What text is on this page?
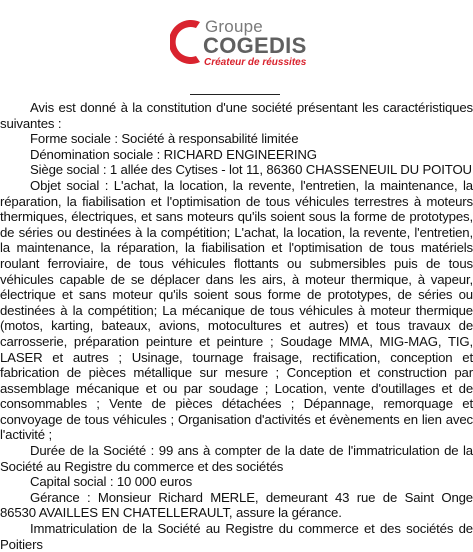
Groupe
COGEDIS
Créateur de réussites

Avis est donné à la constitution d'une société présentant les caractéristiques suivantes :

Forme sociale : Société à responsabilité limitée

Dénomination sociale : RICHARD ENGINEERING

Siège social : 1 allée des Cytises - lot 11, 86360 CHASSENEUIL DU POITOU

Objet social : L'achat, la location, la revente, l'entretien, la maintenance, la réparation, la fiabilisation et l'optimisation de tous véhicules terrestres à moteurs thermiques, électriques, et sans moteurs qu'ils soient sous la forme de prototypes, de séries ou destinées à la compétition; L'achat, la location, la revente, l'entretien, la maintenance, la réparation, la fiabilisation et l'optimisation de tous matériels roulant ferroviaire, de tous véhicules flottants ou submersibles puis de tous véhicules capable de se déplacer dans les airs, à moteur thermique, à vapeur, électrique et sans moteur qu'ils soient sous forme de prototypes, de séries ou destinées à la compétition; La mécanique de tous véhicules à moteur thermique (motos, karting, bateaux, avions, motocultures et autres) et tous travaux de carrosserie, préparation peinture et peinture ; Soudage MMA, MIG-MAG, TIG, LASER et autres ; Usinage, tournage fraisage, rectification, conception et fabrication de pièces métallique sur mesure ; Conception et construction par assemblage mécanique et ou par soudage ; Location, vente d'outillages et de consommables ; Vente de pièces détachées ; Dépannage, remorquage et convoyage de tous véhicules ; Organisation d'activités et évènements en lien avec l'activité ;

Durée de la Société : 99 ans à compter de la date de l'immatriculation de la Société au Registre du commerce et des sociétés

Capital social : 10 000 euros

Gérance : Monsieur Richard MERLE, demeurant 43 rue de Saint Onge 86530 AVAILLES EN CHATELLERAULT, assure la gérance.

Immatriculation de la Société au Registre du commerce et des sociétés de Poitiers
